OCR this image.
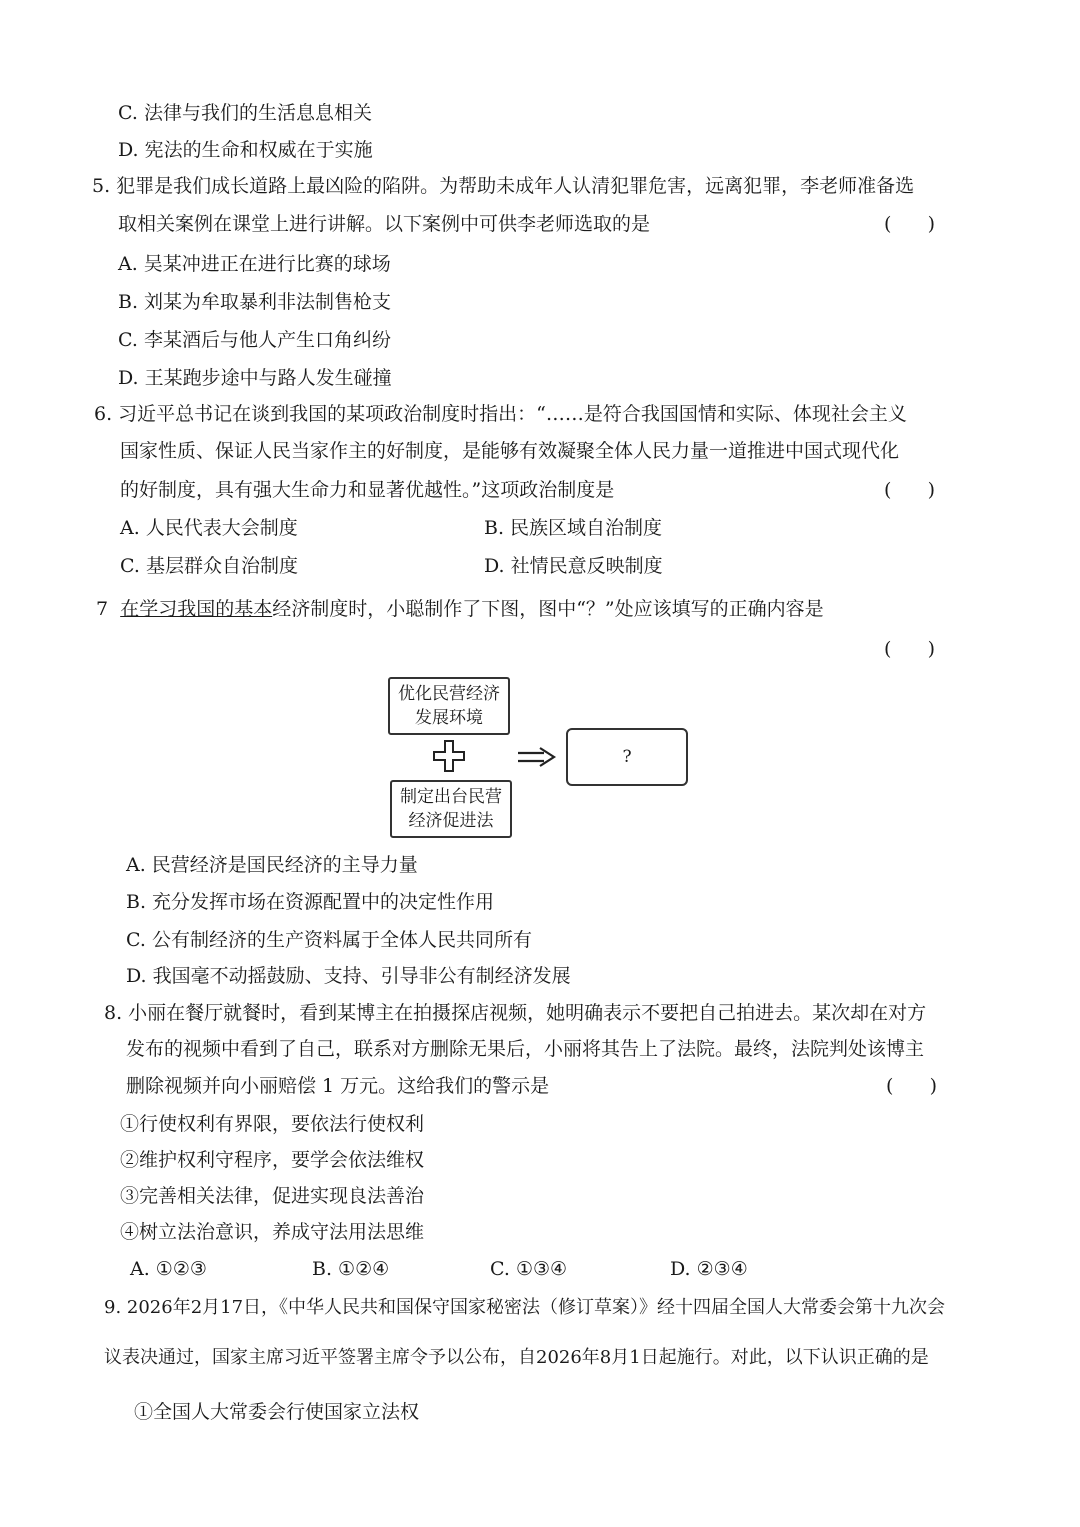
C. 法律与我们的生活息息相关
D. 宪法的生命和权威在于实施
5. 犯罪是我们成长道路上最凶险的陷阱。为帮助未成年人认清犯罪危害，远离犯罪，李老师准备选
取相关案例在课堂上进行讲解。以下案例中可供李老师选取的是	(      )
A. 吴某冲进正在进行比赛的球场
B. 刘某为牟取暴利非法制售枪支
C. 李某酒后与他人产生口角纠纷
D. 王某跑步途中与路人发生碰撞
6. 习近平总书记在谈到我国的某项政治制度时指出：“……是符合我国国情和实际、体现社会主义
国家性质、保证人民当家作主的好制度，是能够有效凝聚全体人民力量一道推进中国式现代化
的好制度，具有强大生命力和显著优越性。”这项政治制度是	(      )
A. 人民代表大会制度	B. 民族区域自治制度
C. 基层群众自治制度	D. 社情民意反映制度
7 在学习我国的基本经济制度时，小聪制作了下图，图中“？”处应该填写的正确内容是
(      )
优化民营经济
发展环境
?
制定出台民营
经济促进法
A. 民营经济是国民经济的主导力量
B. 充分发挥市场在资源配置中的决定性作用
C. 公有制经济的生产资料属于全体人民共同所有
D. 我国毫不动摇鼓励、支持、引导非公有制经济发展
8. 小丽在餐厅就餐时，看到某博主在拍摄探店视频，她明确表示不要把自己拍进去。某次却在对方
发布的视频中看到了自己，联系对方删除无果后，小丽将其告上了法院。最终，法院判处该博主
删除视频并向小丽赔偿 1 万元。这给我们的警示是	(      )
①行使权利有界限，要依法行使权利
②维护权利守程序，要学会依法维权
③完善相关法律，促进实现良法善治
④树立法治意识，养成守法用法思维
A. ①②③	B. ①②④	C. ①③④	D. ②③④
9. 2026年2月17日，《中华人民共和国保守国家秘密法（修订草案）》经十四届全国人大常委会第十九次会
议表决通过，国家主席习近平签署主席令予以公布，自2026年8月1日起施行。对此，以下认识正确的是
①全国人大常委会行使国家立法权
